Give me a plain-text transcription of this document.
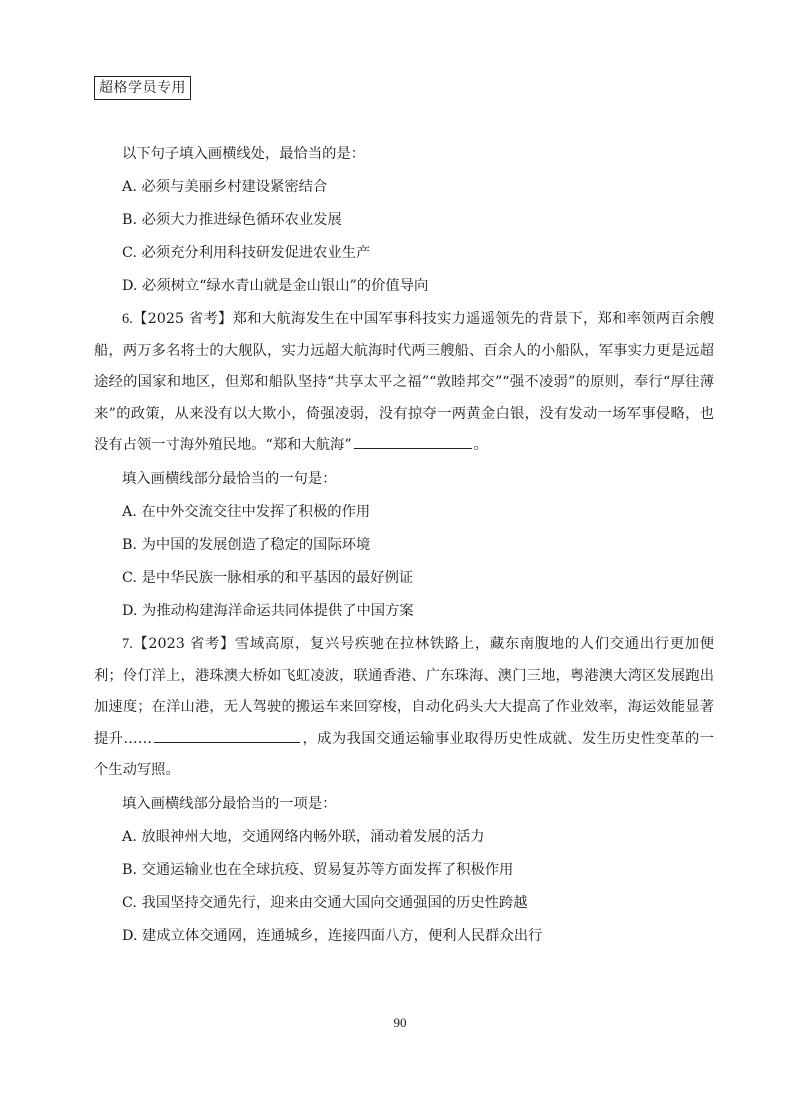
超格学员专用
以下句子填入画横线处，最恰当的是：
A. 必须与美丽乡村建设紧密结合
B. 必须大力推进绿色循环农业发展
C. 必须充分利用科技研发促进农业生产
D. 必须树立“绿水青山就是金山银山”的价值导向

6.【2025 省考】郑和大航海发生在中国军事科技实力遥遥领先的背景下，郑和率领两百余艘船，两万多名将士的大舰队，实力远超大航海时代两三艘船、百余人的小船队，军事实力更是远超途经的国家和地区，但郑和船队坚持“共享太平之福”“敦睦邦交”“强不凌弱”的原则，奉行“厚往薄来”的政策，从来没有以大欺小，倚强凌弱，没有掠夺一两黄金白银，没有发动一场军事侵略，也没有占领一寸海外殖民地。“郑和大航海”	。

填入画横线部分最恰当的一句是：
A. 在中外交流交往中发挥了积极的作用
B. 为中国的发展创造了稳定的国际环境
C. 是中华民族一脉相承的和平基因的最好例证
D. 为推动构建海洋命运共同体提供了中国方案

7.【2023 省考】雪域高原，复兴号疾驰在拉林铁路上，藏东南腹地的人们交通出行更加便利；伶仃洋上，港珠澳大桥如飞虹凌波，联通香港、广东珠海、澳门三地，粤港澳大湾区发展跑出加速度；在洋山港，无人驾驶的搬运车来回穿梭，自动化码头大大提高了作业效率，海运效能显著提升……	，成为我国交通运输事业取得历史性成就、发生历史性变革的一个生动写照。

填入画横线部分最恰当的一项是：
A. 放眼神州大地，交通网络内畅外联，涌动着发展的活力
B. 交通运输业也在全球抗疫、贸易复苏等方面发挥了积极作用
C. 我国坚持交通先行，迎来由交通大国向交通强国的历史性跨越
D. 建成立体交通网，连通城乡，连接四面八方，便利人民群众出行
90
